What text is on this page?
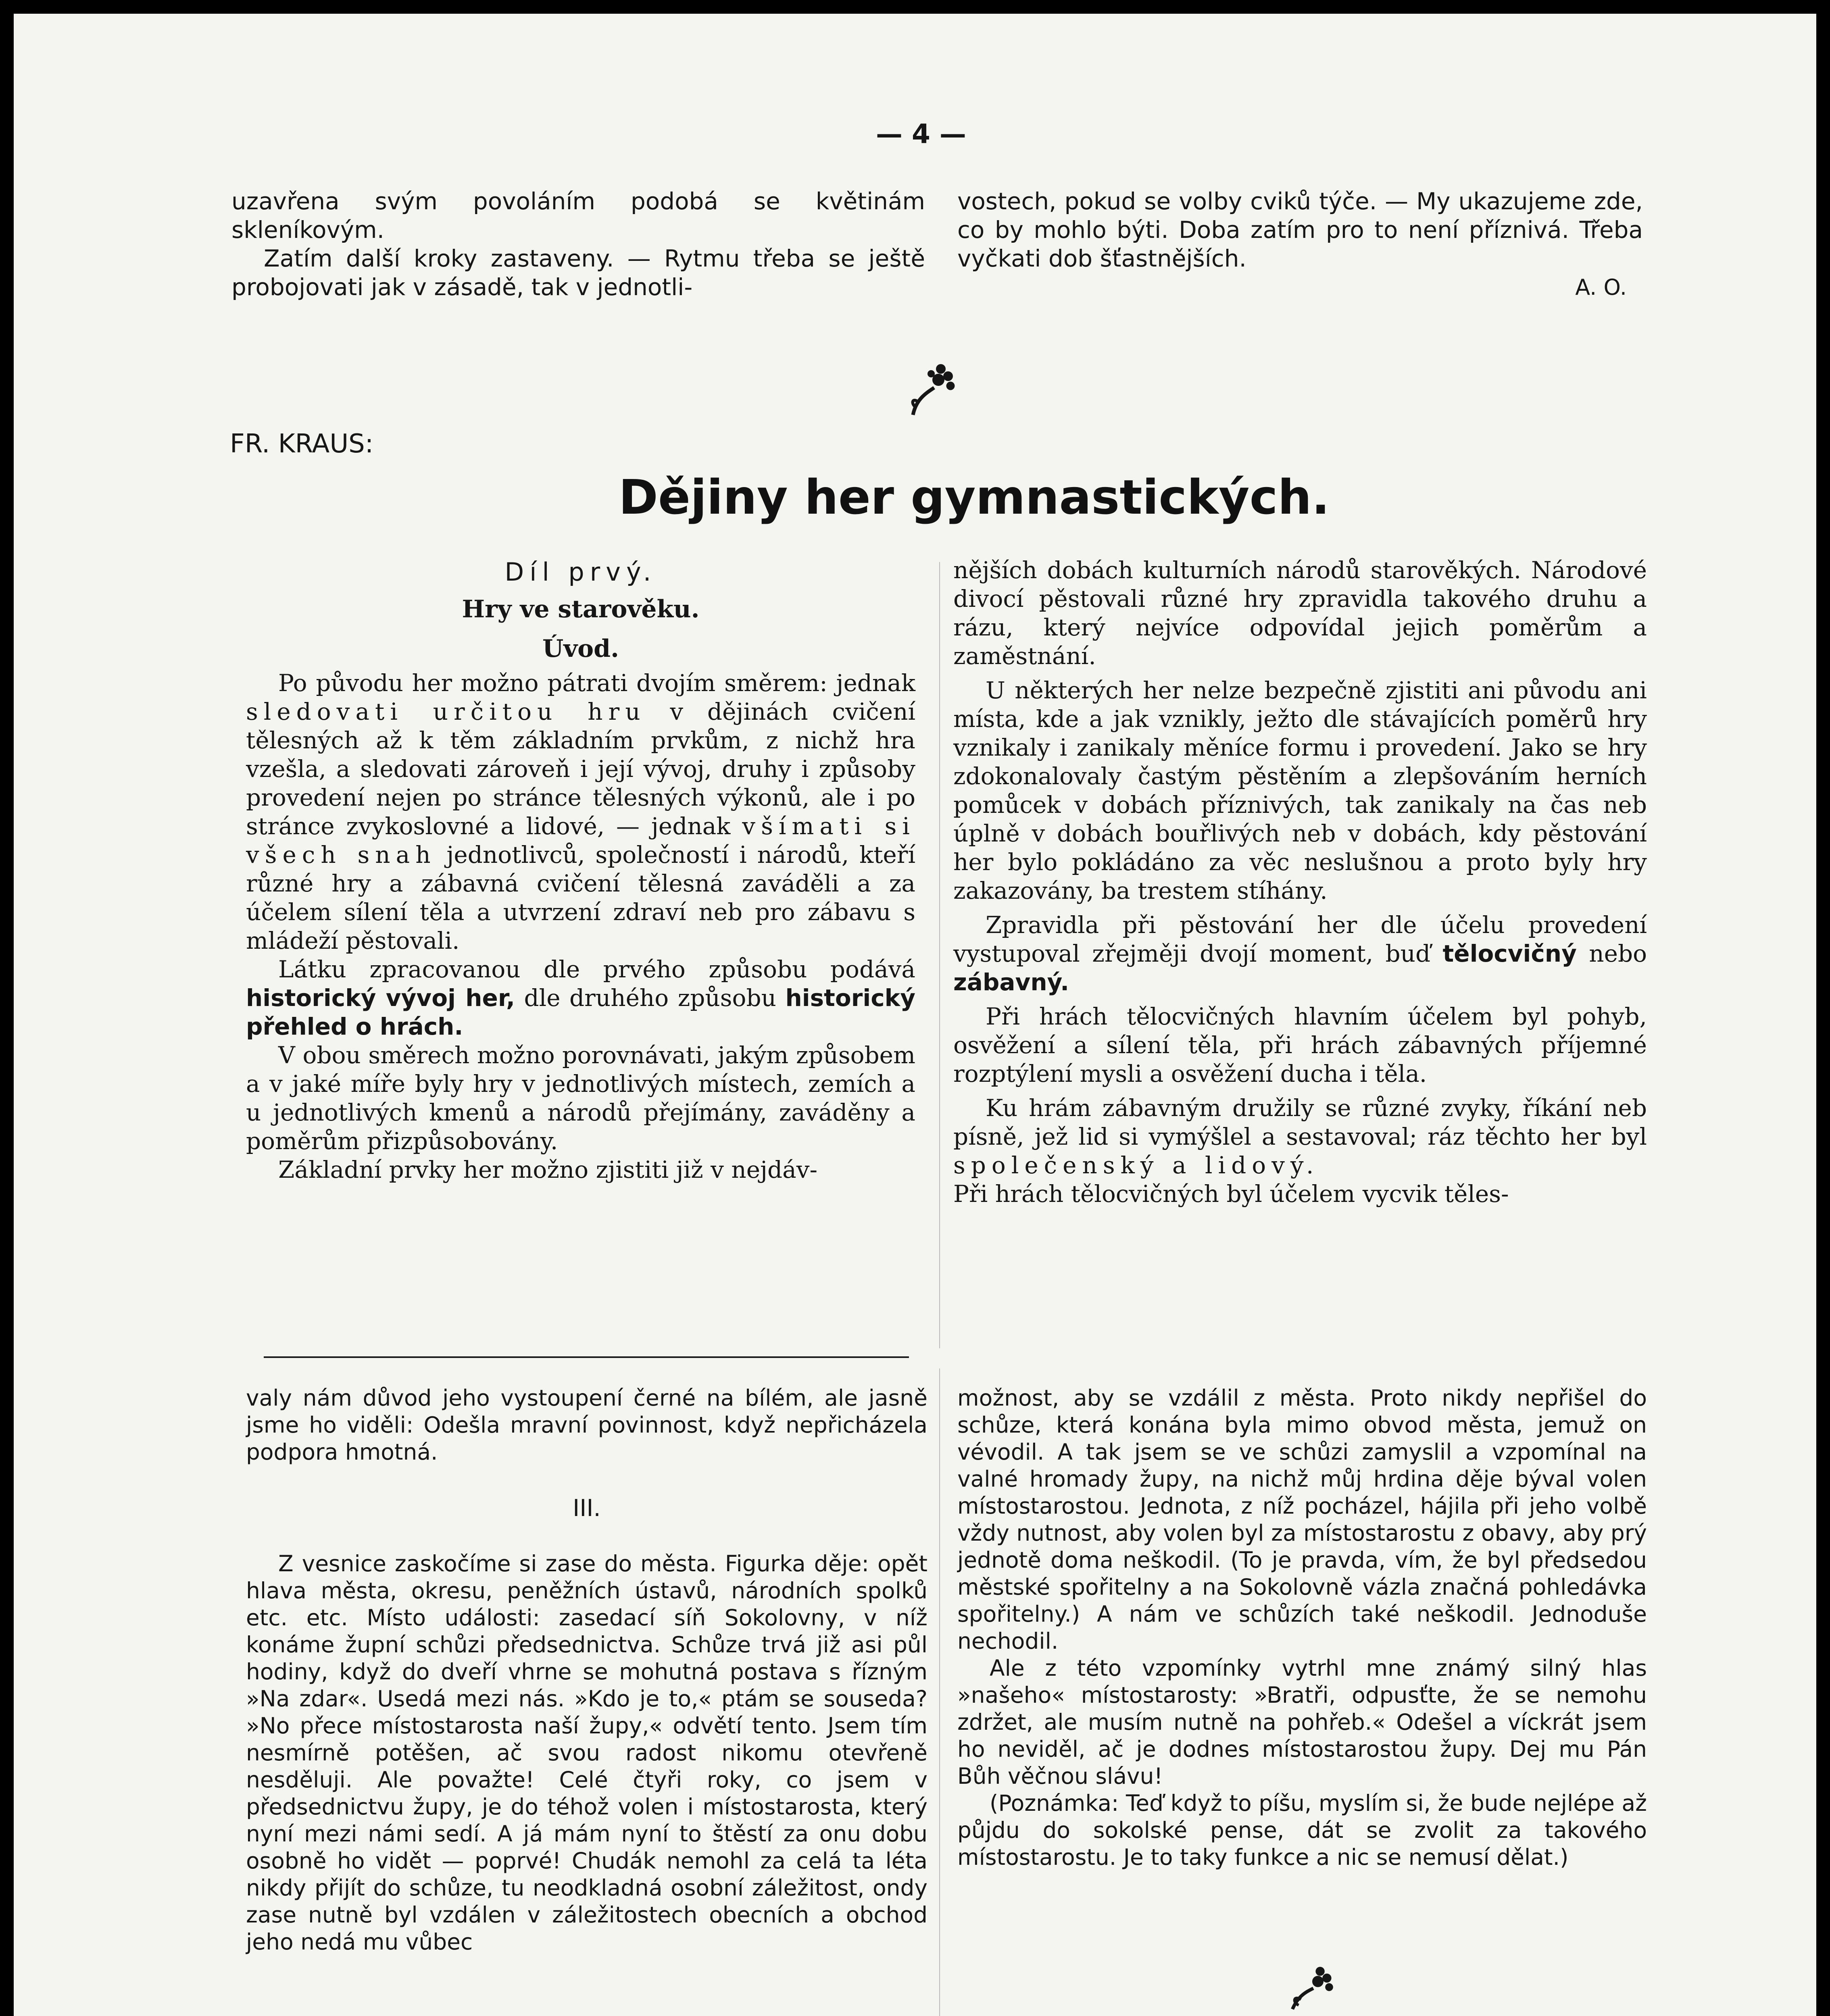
— 4 —

uzavřena svým povoláním podobá se květinám skleníkovým.

Zatím další kroky zastaveny. — Rytmu třeba se ještě probojovati jak v zásadě, tak v jednotli-

vostech, pokud se volby cviků týče. — My ukazujeme zde, co by mohlo býti. Doba zatím pro to není příznivá. Třeba vyčkati dob šťastnějších.

A. O.

FR. KRAUS:
Dějiny her gymnastických.

Díl prvý.

Hry ve starověku.

Úvod.

Po původu her možno pátrati dvojím směrem: jednak sledovati určitou hru v dějinách cvičení tělesných až k těm základním prvkům, z nichž hra vzešla, a sledovati zároveň i její vývoj, druhy i způsoby provedení nejen po stránce tělesných výkonů, ale i po stránce zvykoslovné a lidové, — jednak všímati si všech snah jednotlivců, společností i národů, kteří různé hry a zábavná cvičení tělesná zaváděli a za účelem sílení těla a utvrzení zdraví neb pro zábavu s mládeží pěstovali.

Látku zpracovanou dle prvého způsobu podává historický vývoj her, dle druhého způsobu historický přehled o hrách.

V obou směrech možno porovnávati, jakým způsobem a v jaké míře byly hry v jednotlivých místech, zemích a u jednotlivých kmenů a národů přejímány, zaváděny a poměrům přizpůsobovány.

Základní prvky her možno zjistiti již v nejdáv-

nějších dobách kulturních národů starověkých. Národové divocí pěstovali různé hry zpravidla takového druhu a rázu, který nejvíce odpovídal jejich poměrům a zaměstnání.

U některých her nelze bezpečně zjistiti ani původu ani místa, kde a jak vznikly, ježto dle stávajících poměrů hry vznikaly i zanikaly měníce formu i provedení. Jako se hry zdokonalovaly častým pěstěním a zlepšováním herních pomůcek v dobách příznivých, tak zanikaly na čas neb úplně v dobách bouřlivých neb v dobách, kdy pěstování her bylo pokládáno za věc neslušnou a proto byly hry zakazovány, ba trestem stíhány.

Zpravidla při pěstování her dle účelu provedení vystupoval zřejměji dvojí moment, buď tělocvičný nebo zábavný.

Při hrách tělocvičných hlavním účelem byl pohyb, osvěžení a sílení těla, při hrách zábavných příjemné rozptýlení mysli a osvěžení ducha i těla.

Ku hrám zábavným družily se různé zvyky, říkání neb písně, jež lid si vymýšlel a sestavoval; ráz těchto her byl společenský a lidový.

Při hrách tělocvičných byl účelem vycvik těles-

valy nám důvod jeho vystoupení černé na bílém, ale jasně jsme ho viděli: Odešla mravní povinnost, když nepřicházela podpora hmotná.

III.

Z vesnice zaskočíme si zase do města. Figurka děje: opět hlava města, okresu, peněžních ústavů, národních spolků etc. etc. Místo události: zasedací síň Sokolovny, v níž konáme župní schůzi předsednictva. Schůze trvá již asi půl hodiny, když do dveří vhrne se mohutná postava s řízným »Na zdar«. Usedá mezi nás. »Kdo je to,« ptám se souseda? »No přece místostarosta naší župy,« odvětí tento. Jsem tím nesmírně potěšen, ač svou radost nikomu otevřeně nesděluji. Ale považte! Celé čtyři roky, co jsem v předsednictvu župy, je do téhož volen i místostarosta, který nyní mezi námi sedí. A já mám nyní to štěstí za onu dobu osobně ho vidět — poprvé! Chudák nemohl za celá ta léta nikdy přijít do schůze, tu neodkladná osobní záležitost, ondy zase nutně byl vzdálen v záležitostech obecních a obchod jeho nedá mu vůbec

možnost, aby se vzdálil z města. Proto nikdy nepřišel do schůze, která konána byla mimo obvod města, jemuž on vévodil. A tak jsem se ve schůzi zamyslil a vzpomínal na valné hromady župy, na nichž můj hrdina děje býval volen místostarostou. Jednota, z níž pocházel, hájila při jeho volbě vždy nutnost, aby volen byl za místostarostu z obavy, aby prý jednotě doma neškodil. (To je pravda, vím, že byl předsedou městské spořitelny a na Sokolovně vázla značná pohledávka spořitelny.) A nám ve schůzích také neškodil. Jednoduše nechodil.

Ale z této vzpomínky vytrhl mne známý silný hlas »našeho« místostarosty: »Bratři, odpusťte, že se nemohu zdržet, ale musím nutně na pohřeb.« Odešel a víckrát jsem ho neviděl, ač je dodnes místostarostou župy. Dej mu Pán Bůh věčnou slávu!

(Poznámka: Teď když to píšu, myslím si, že bude nejlépe až půjdu do sokolské pense, dát se zvolit za takového místostarostu. Je to taky funkce a nic se nemusí dělat.)
